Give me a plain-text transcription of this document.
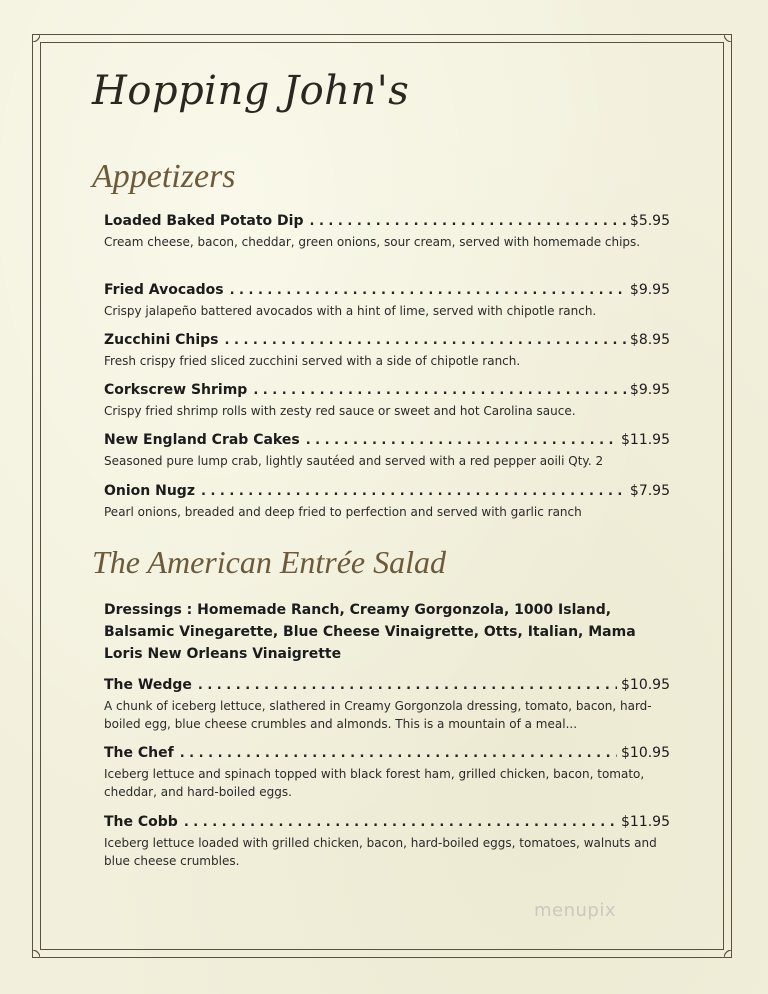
Hopping John's
Appetizers
Loaded Baked Potato Dip . . .	$5.95
Cream cheese, bacon, cheddar, green onions, sour cream, served with homemade chips.
Fried Avocados . . .	$9.95
Crispy jalapeño battered avocados with a hint of lime, served with chipotle ranch.
Zucchini Chips . . .	$8.95
Fresh crispy fried sliced zucchini served with a side of chipotle ranch.
Corkscrew Shrimp . . .	$9.95
Crispy fried shrimp rolls with zesty red sauce or sweet and hot Carolina sauce.
New England Crab Cakes . . .	$11.95
Seasoned pure lump crab, lightly sautéed and served with a red pepper aoili Qty. 2
Onion Nugz . . .	$7.95
Pearl onions, breaded and deep fried to perfection and served with garlic ranch
The American Entrée Salad
Dressings : Homemade Ranch, Creamy Gorgonzola, 1000 Island, Balsamic Vinegarette, Blue Cheese Vinaigrette, Otts, Italian, Mama Loris New Orleans Vinaigrette
The Wedge . . .	$10.95
A chunk of iceberg lettuce, slathered in Creamy Gorgonzola dressing, tomato, bacon, hard-boiled egg, blue cheese crumbles and almonds. This is a mountain of a meal...
The Chef . . .	$10.95
Iceberg lettuce and spinach topped with black forest ham, grilled chicken, bacon, tomato, cheddar, and hard-boiled eggs.
The Cobb . . .	$11.95
Iceberg lettuce loaded with grilled chicken, bacon, hard-boiled eggs, tomatoes, walnuts and blue cheese crumbles.
menupix
